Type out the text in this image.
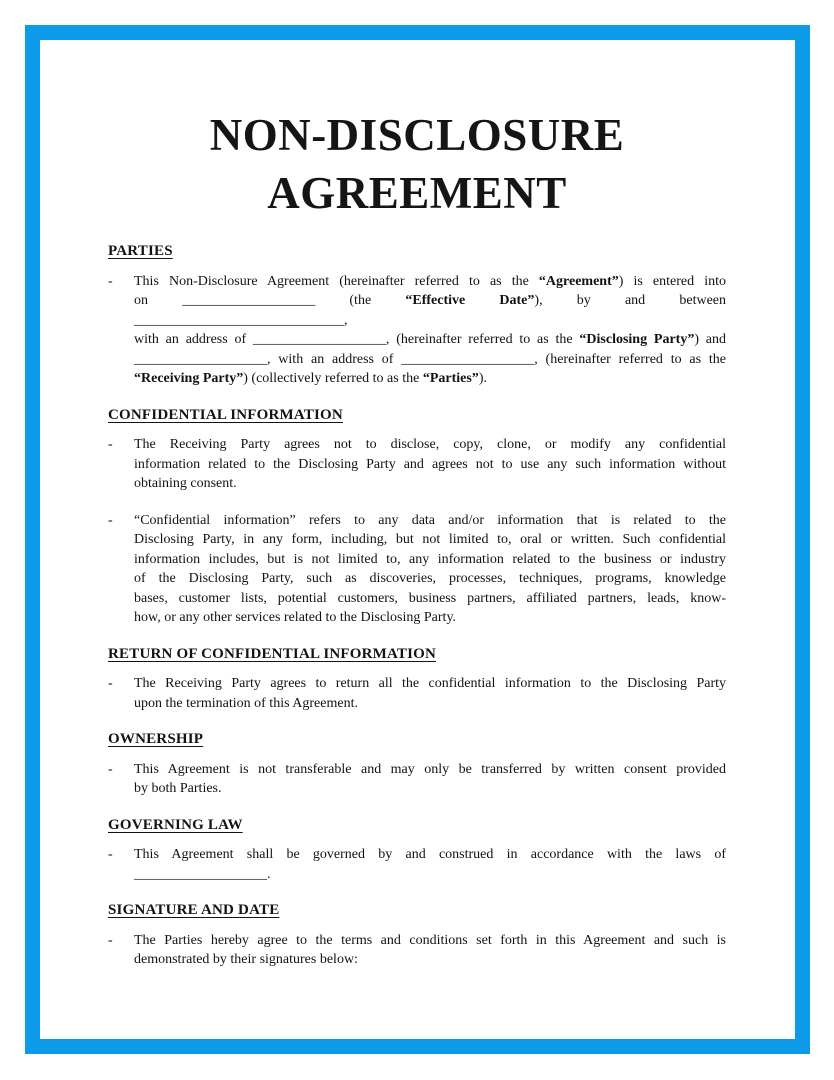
NON-DISCLOSURE
AGREEMENT
PARTIES
-	This Non-Disclosure Agreement (hereinafter referred to as the “Agreement”) is entered into
on ___________________ (the “Effective Date”), by and between ______________________________,
with an address of ___________________, (hereinafter referred to as the “Disclosing Party”) and
___________________, with an address of ___________________, (hereinafter referred to as the
“Receiving Party”) (collectively referred to as the “Parties”).
CONFIDENTIAL INFORMATION
-	The Receiving Party agrees not to disclose, copy, clone, or modify any confidential
information related to the Disclosing Party and agrees not to use any such information without
obtaining consent.
-	“Confidential information” refers to any data and/or information that is related to the
Disclosing Party, in any form, including, but not limited to, oral or written. Such confidential
information includes, but is not limited to, any information related to the business or industry
of the Disclosing Party, such as discoveries, processes, techniques, programs, knowledge
bases, customer lists, potential customers, business partners, affiliated partners, leads, know-
how, or any other services related to the Disclosing Party.
RETURN OF CONFIDENTIAL INFORMATION
-	The Receiving Party agrees to return all the confidential information to the Disclosing Party
upon the termination of this Agreement.
OWNERSHIP
-	This Agreement is not transferable and may only be transferred by written consent provided
by both Parties.
GOVERNING LAW
-	This Agreement shall be governed by and construed in accordance with the laws of
___________________.
SIGNATURE AND DATE
-	The Parties hereby agree to the terms and conditions set forth in this Agreement and such is
demonstrated by their signatures below:
